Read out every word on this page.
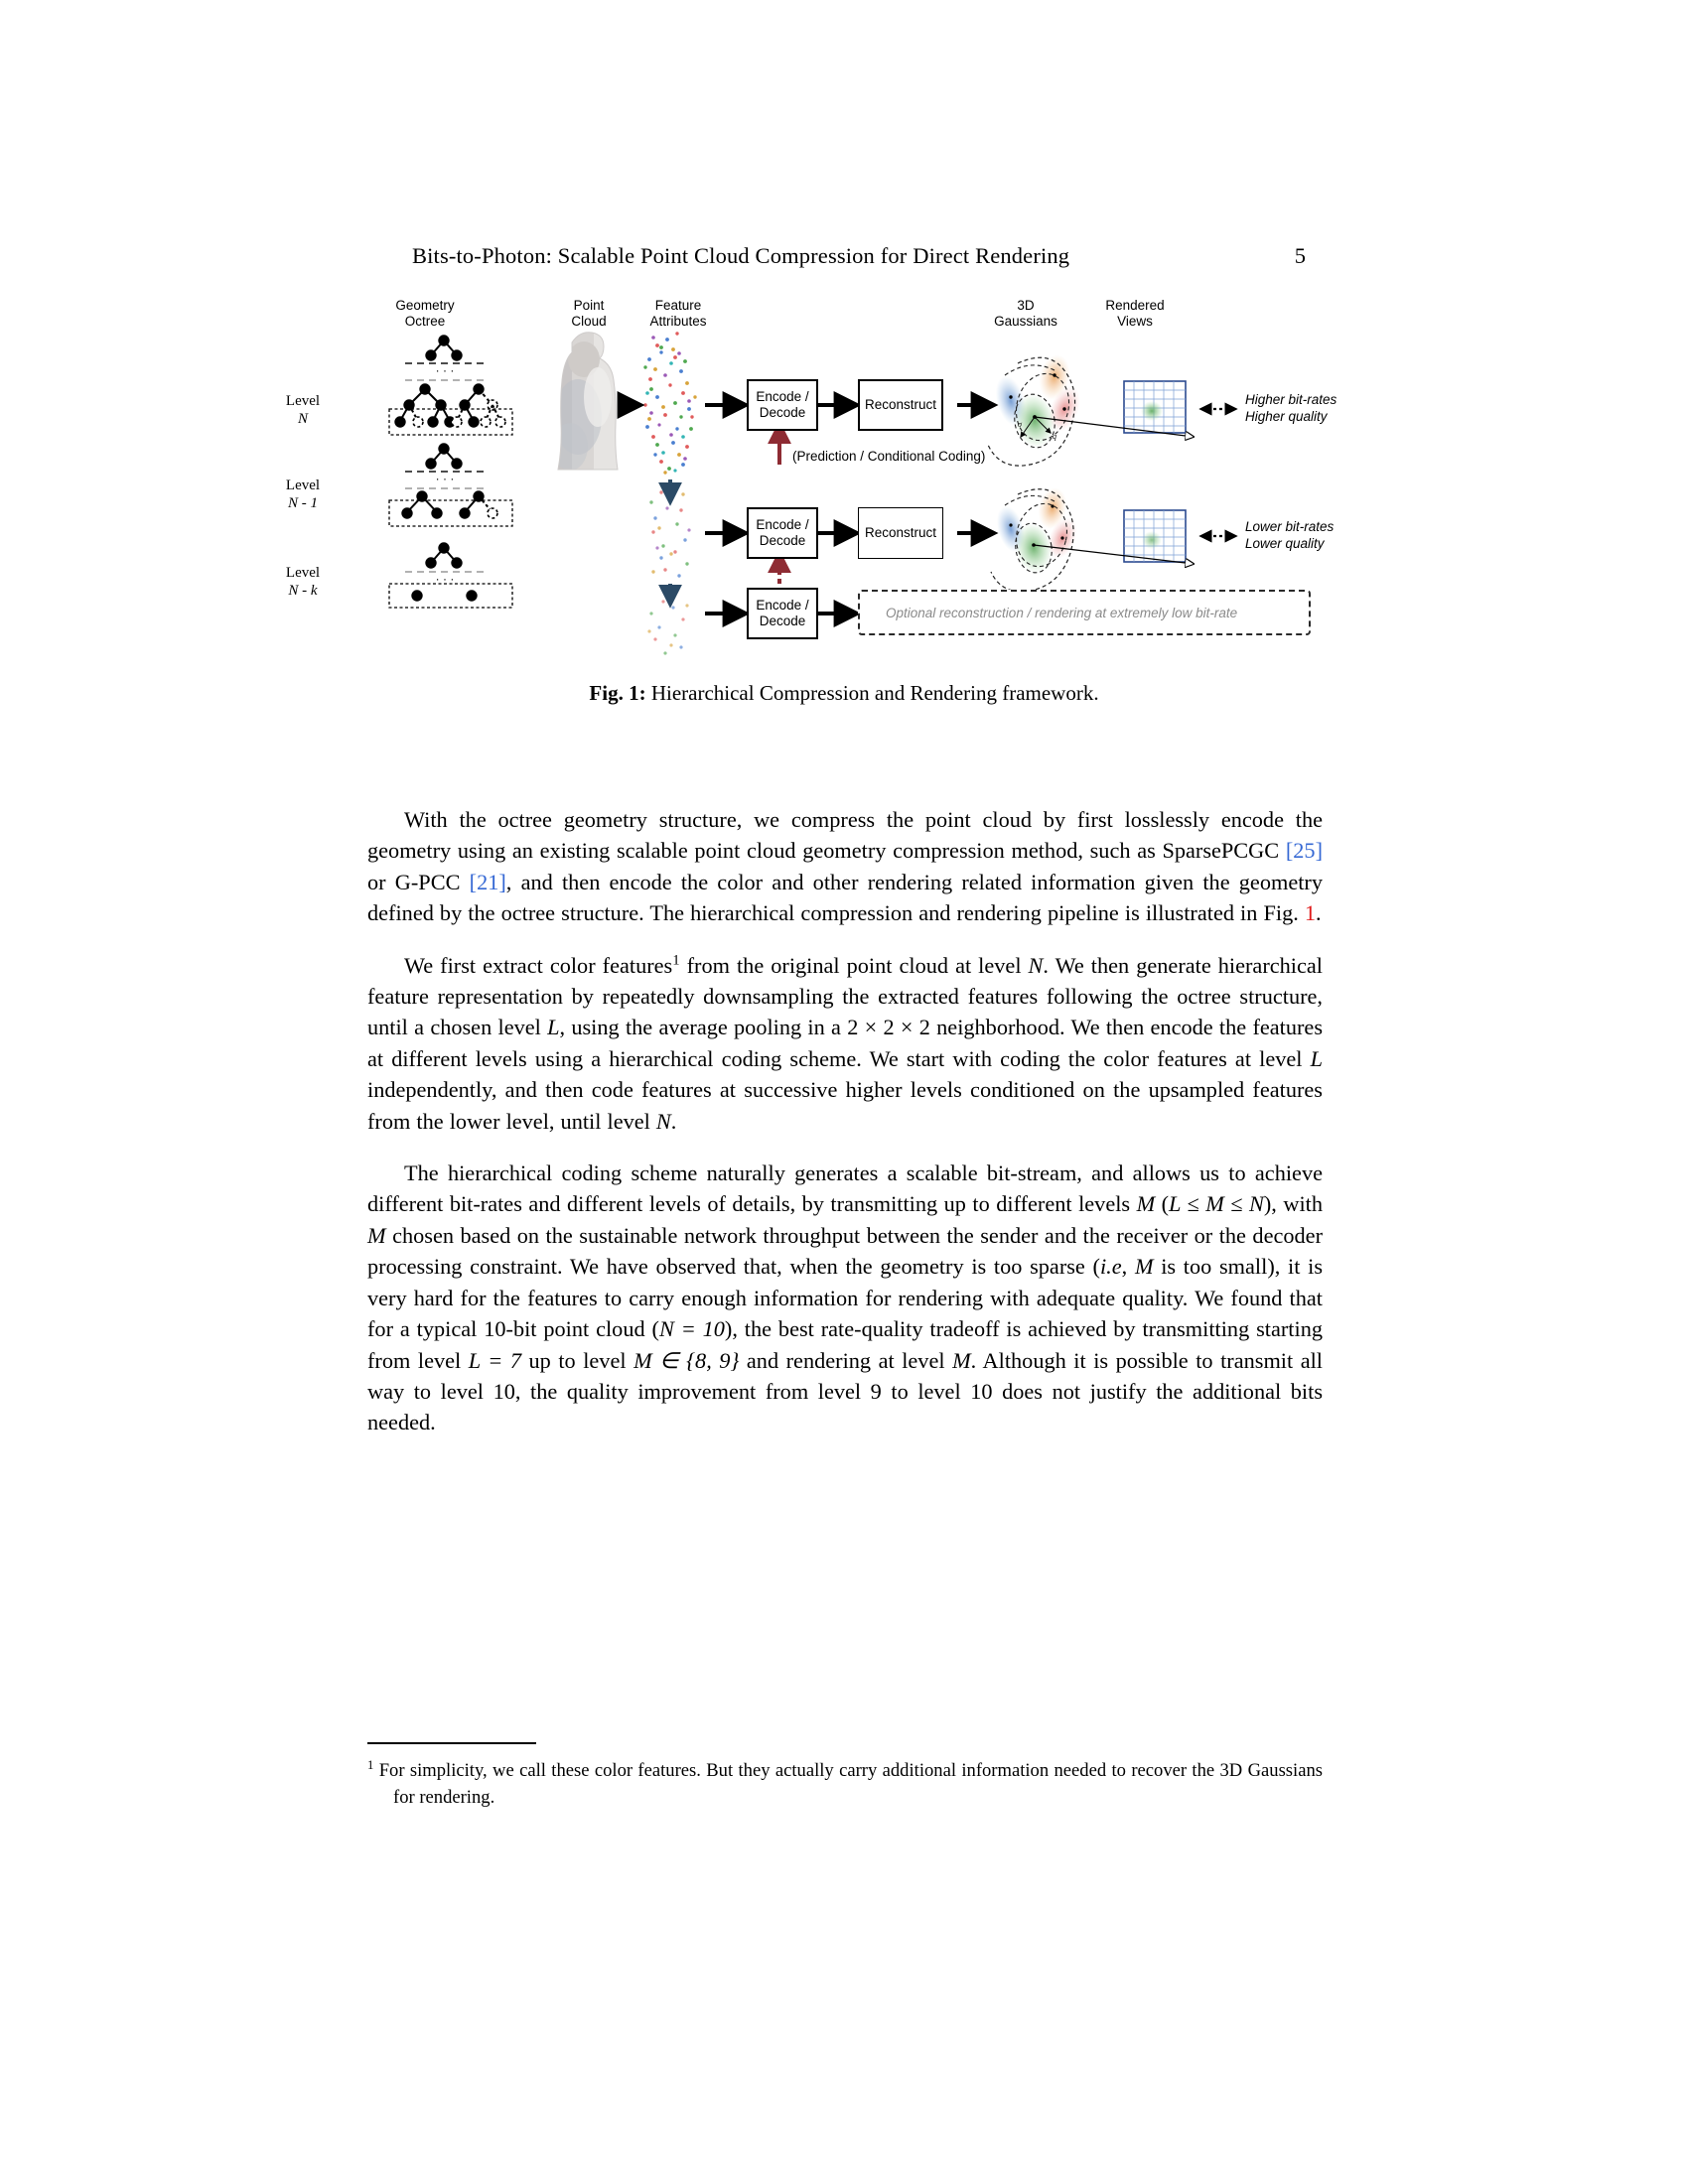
Bits-to-Photon: Scalable Point Cloud Compression for Direct Rendering	5
Geometry
Octree
Point
Cloud
Feature
Attributes
3D
Gaussians
Rendered
Views
Level
N
Level
N - 1
Level
N - k
· · ·
· · ·
· · ·
σ
q
Encode /
Decode
Reconstruct
Encode /
Decode
Reconstruct
Encode /
Decode
Optional reconstruction / rendering at extremely low bit-rate
(Prediction / Conditional Coding)
Higher bit-rates
Higher quality
Lower bit-rates
Lower quality
Fig. 1: Hierarchical Compression and Rendering framework.

With the octree geometry structure, we compress the point cloud by first losslessly encode the geometry using an existing scalable point cloud geometry compression method, such as SparsePCGC [25] or G-PCC [21], and then encode the color and other rendering related information given the geometry defined by the octree structure. The hierarchical compression and rendering pipeline is illustrated in Fig. 1.

We first extract color features$^1$ from the original point cloud at level N. We then generate hierarchical feature representation by repeatedly downsampling the extracted features following the octree structure, until a chosen level L, using the average pooling in a 2 × 2 × 2 neighborhood. We then encode the features at different levels using a hierarchical coding scheme. We start with coding the color features at level L independently, and then code features at successive higher levels conditioned on the upsampled features from the lower level, until level N.

The hierarchical coding scheme naturally generates a scalable bit-stream, and allows us to achieve different bit-rates and different levels of details, by transmitting up to different levels M (L ≤ M ≤ N), with M chosen based on the sustainable network throughput between the sender and the receiver or the decoder processing constraint. We have observed that, when the geometry is too sparse (i.e, M is too small), it is very hard for the features to carry enough information for rendering with adequate quality. We found that for a typical 10-bit point cloud (N = 10), the best rate-quality tradeoff is achieved by transmitting starting from level L = 7 up to level M ∈ {8, 9} and rendering at level M. Although it is possible to transmit all way to level 10, the quality improvement from level 9 to level 10 does not justify the additional bits needed.

$^1$ For simplicity, we call these color features. But they actually carry additional information needed to recover the 3D Gaussians for rendering.
